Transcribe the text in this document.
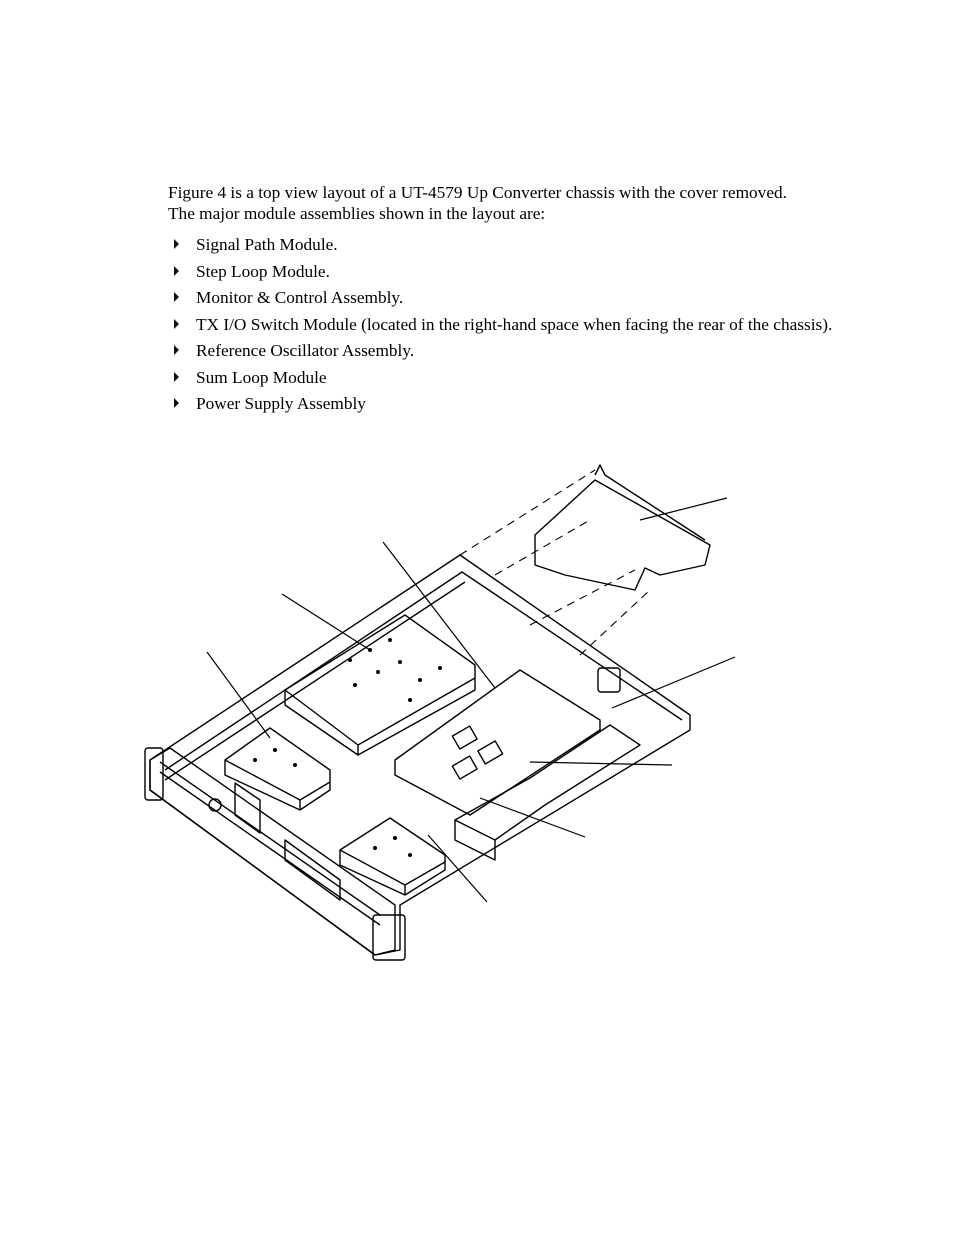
Figure 4 is a top view layout of a UT-4579 Up Converter chassis with the cover removed.
The major module assemblies shown in the layout are:
Signal Path Module.
Step Loop Module.
Monitor & Control Assembly.
TX I/O Switch Module (located in the right-hand space when facing the rear of the chassis).
Reference Oscillator Assembly.
Sum Loop Module
Power Supply Assembly
